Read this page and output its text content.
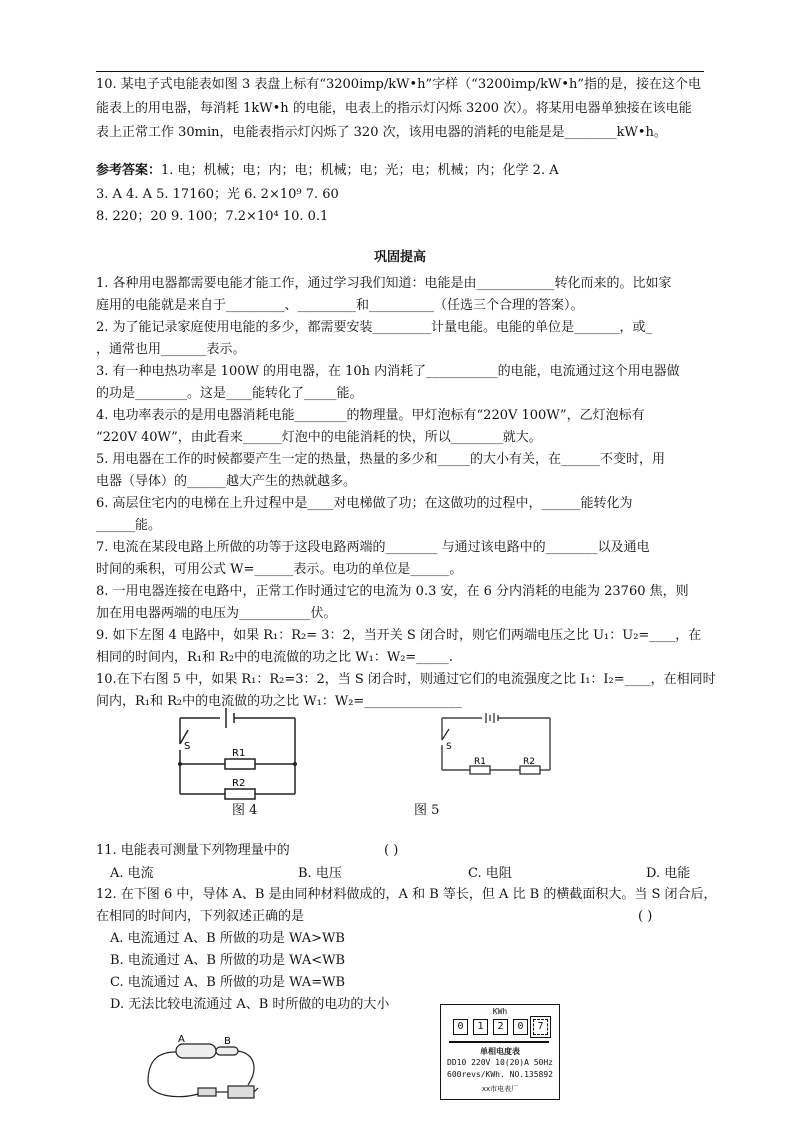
10. 某电子式电能表如图 3 表盘上标有“3200imp/kW•h”字样（“3200imp/kW•h”指的是，接在这个电
能表上的用电器，每消耗 1kW•h 的电能，电表上的指示灯闪烁 3200 次）。将某用电器单独接在该电能
表上正常工作 30min，电能表指示灯闪烁了 320 次，该用电器的消耗的电能是是________kW•h。
参考答案：1. 电；机械；电；内；电；机械；电；光；电；机械；内；化学 2. A
3. A 4. A 5. 17160；光 6. 2×10⁹ 7. 60
8. 220；20 9. 100；7.2×10⁴ 10. 0.1
巩固提高
1. 各种用电器都需要电能才能工作，通过学习我们知道：电能是由____________转化而来的。比如家
庭用的电能就是来自于_________、_________和__________（任选三个合理的答案）。
2. 为了能记录家庭使用电能的多少，都需要安装_________计量电能。电能的单位是_______，或_
，通常也用_______表示。
3. 有一种电热功率是 100W 的用电器，在 10h 内消耗了___________的电能，电流通过这个用电器做
的功是________。这是____能转化了_____能。
4. 电功率表示的是用电器消耗电能________的物理量。甲灯泡标有“220V 100W”，乙灯泡标有
“220V 40W”，由此看来______灯泡中的电能消耗的快，所以________就大。
5. 用电器在工作的时候都要产生一定的热量，热量的多少和_____的大小有关，在______不变时，用
电器（导体）的______越大产生的热就越多。
6. 高层住宅内的电梯在上升过程中是____对电梯做了功；在这做功的过程中，______能转化为
______能。
7. 电流在某段电路上所做的功等于这段电路两端的________ 与通过该电路中的________以及通电
时间的乘积，可用公式 W=______表示。电功的单位是______。
8. 一用电器连接在电路中，正常工作时通过它的电流为 0.3 安，在 6 分内消耗的电能为 23760 焦，则
加在用电器两端的电压为___________伏。
9. 如下左图 4 电路中，如果 R₁：R₂= 3：2，当开关 S 闭合时，则它们两端电压之比 U₁：U₂=____，在
相同的时间内，R₁和 R₂中的电流做的功之比 W₁：W₂=_____.
10.在下右图 5 中，如果 R₁：R₂=3：2，当 S 闭合时，则通过它们的电流强度之比 I₁：I₂=____，在相同时
间内，R₁和 R₂中的电流做的功之比 W₁：W₂=_______________
S
R1
R2
S
R1	R2
图 4	图 5
11. 电能表可测量下列物理量中的	( )
A. 电流	B. 电压	C. 电阻	D. 电能
12. 在下图 6 中，导体 A、B 是由同种材料做成的，A 和 B 等长，但 A 比 B 的横截面积大。当 S 闭合后，
在相同的时间内，下列叙述正确的是	( )
A. 电流通过 A、B 所做的功是 WA>WB
B. 电流通过 A、B 所做的功是 WA<WB
C. 电流通过 A、B 所做的功是 WA=WB
D. 无法比较电流通过 A、B 时所做的电功的大小
A	B
KWh
0	1	2	0	7
单相电度表
DD10 220V 10(20)A 50Hz
600revs/KWh. NO.135892
xx市电表厂
